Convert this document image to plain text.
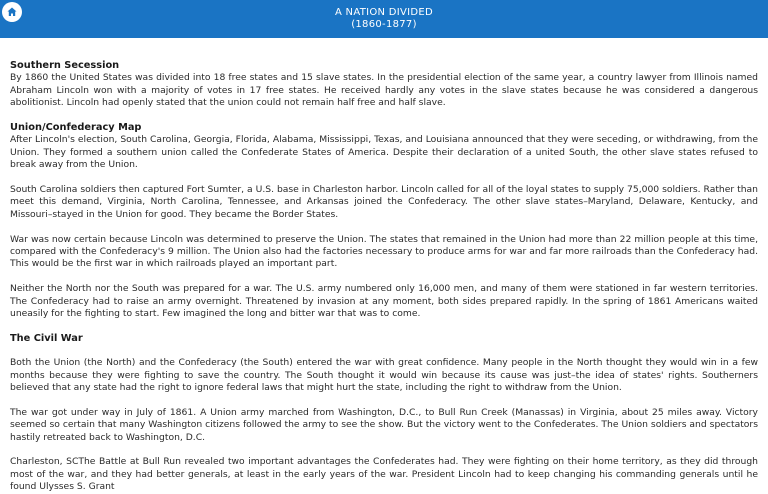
A NATION DIVIDED
(1860-1877)
Southern Secession

By 1860 the United States was divided into 18 free states and 15 slave states. In the presidential election of the same year, a country lawyer from Illinois named Abraham Lincoln won with a majority of votes in 17 free states. He received hardly any votes in the slave states because he was considered a dangerous abolitionist. Lincoln had openly stated that the union could not remain half free and half slave.

Union/Confederacy Map

After Lincoln's election, South Carolina, Georgia, Florida, Alabama, Mississippi, Texas, and Louisiana announced that they were seceding, or withdrawing, from the Union. They formed a southern union called the Confederate States of America. Despite their declaration of a united South, the other slave states refused to break away from the Union.

South Carolina soldiers then captured Fort Sumter, a U.S. base in Charleston harbor. Lincoln called for all of the loyal states to supply 75,000 soldiers. Rather than meet this demand, Virginia, North Carolina, Tennessee, and Arkansas joined the Confederacy. The other slave states–Maryland, Delaware, Kentucky, and Missouri–stayed in the Union for good. They became the Border States.

War was now certain because Lincoln was determined to preserve the Union. The states that remained in the Union had more than 22 million people at this time, compared with the Confederacy's 9 million. The Union also had the factories necessary to produce arms for war and far more railroads than the Confederacy had. This would be the first war in which railroads played an important part.

Neither the North nor the South was prepared for a war. The U.S. army numbered only 16,000 men, and many of them were stationed in far western territories. The Confederacy had to raise an army overnight. Threatened by invasion at any moment, both sides prepared rapidly. In the spring of 1861 Americans waited uneasily for the fighting to start. Few imagined the long and bitter war that was to come.

The Civil War

Both the Union (the North) and the Confederacy (the South) entered the war with great confidence. Many people in the North thought they would win in a few months because they were fighting to save the country. The South thought it would win because its cause was just–the idea of states' rights. Southerners believed that any state had the right to ignore federal laws that might hurt the state, including the right to withdraw from the Union.

The war got under way in July of 1861. A Union army marched from Washington, D.C., to Bull Run Creek (Manassas) in Virginia, about 25 miles away. Victory seemed so certain that many Washington citizens followed the army to see the show. But the victory went to the Confederates. The Union soldiers and spectators hastily retreated back to Washington, D.C.

Charleston, SCThe Battle at Bull Run revealed two important advantages the Confederates had. They were fighting on their home territory, as they did through most of the war, and they had better generals, at least in the early years of the war. President Lincoln had to keep changing his commanding generals until he found Ulysses S. Grant
